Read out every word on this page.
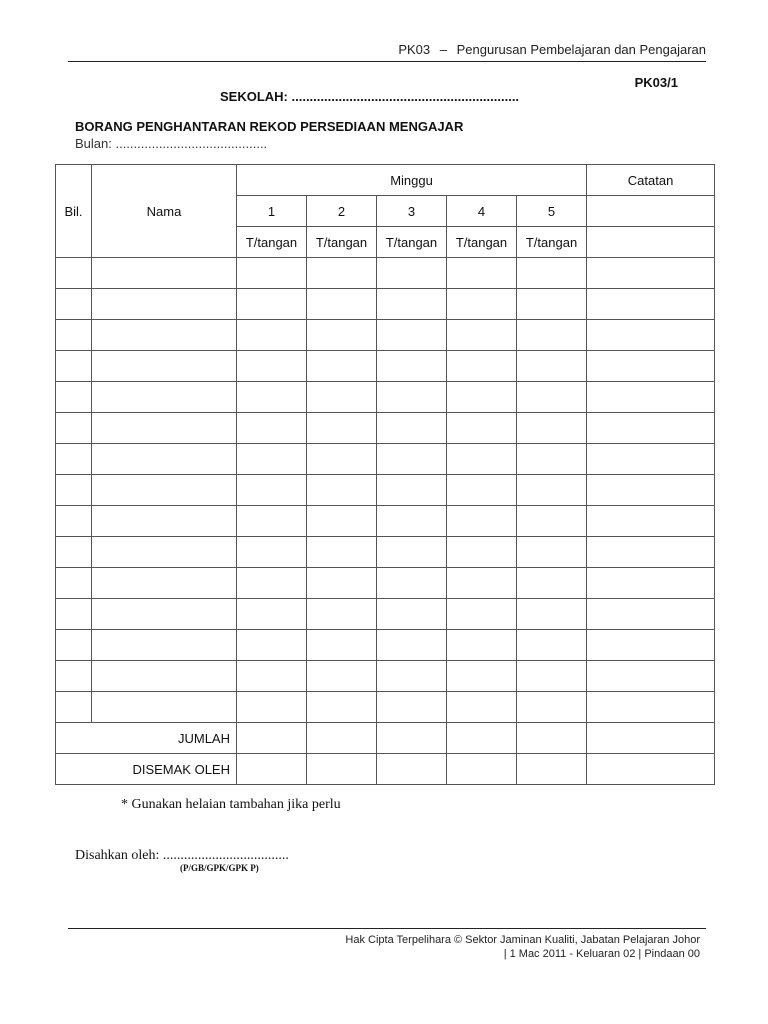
PK03 – Pengurusan Pembelajaran dan Pengajaran
PK03/1
SEKOLAH: ...............................................................
BORANG PENGHANTARAN REKOD PERSEDIAAN MENGAJAR
Bulan: ..........................................
Bil.	Nama	Minggu					Catatan
		1	2	3	4	5	
		T/tangan	T/tangan	T/tangan	T/tangan	T/tangan	

JUMLAH							
DISEMAK OLEH							
* Gunakan helaian tambahan jika perlu
Disahkan oleh: ....................................
(P/GB/GPK/GPK P)
Hak Cipta Terpelihara © Sektor Jaminan Kualiti, Jabatan Pelajaran Johor
| 1 Mac 2011 - Keluaran 02 | Pindaan 00
